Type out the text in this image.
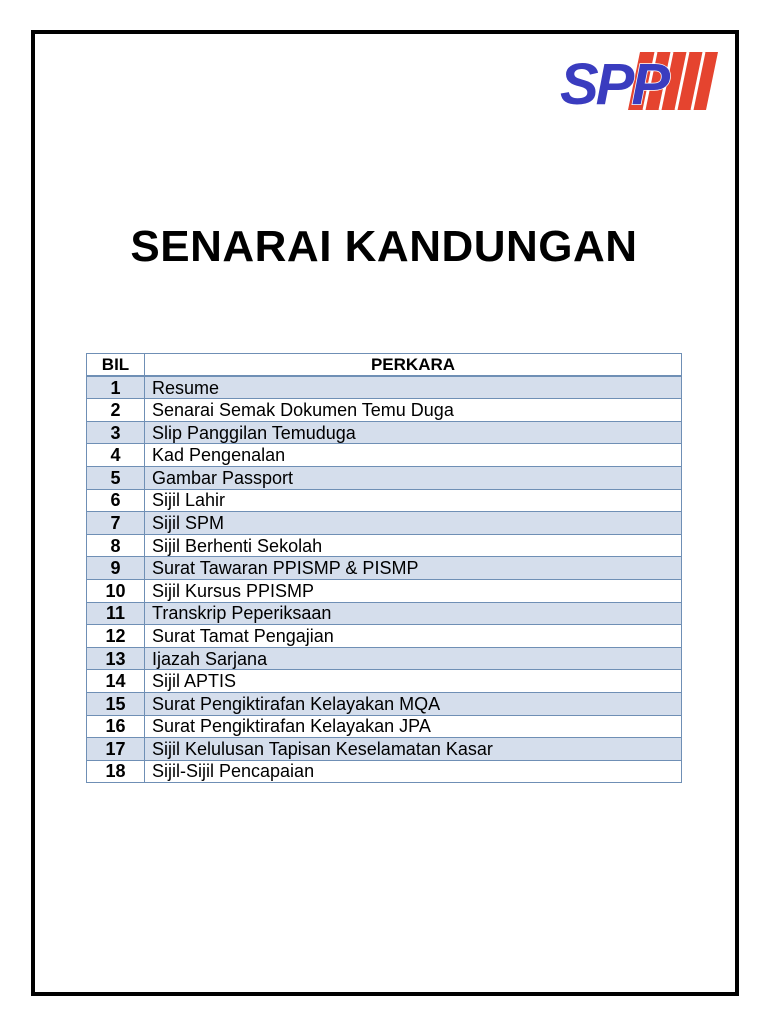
SPP
SENARAI KANDUNGAN
BIL	PERKARA
1	Resume
2	Senarai Semak Dokumen Temu Duga
3	Slip Panggilan Temuduga
4	Kad Pengenalan
5	Gambar Passport
6	Sijil Lahir
7	Sijil SPM
8	Sijil Berhenti Sekolah
9	Surat Tawaran PPISMP & PISMP
10	Sijil Kursus PPISMP
11	Transkrip Peperiksaan
12	Surat Tamat Pengajian
13	Ijazah Sarjana
14	Sijil APTIS
15	Surat Pengiktirafan Kelayakan MQA
16	Surat Pengiktirafan Kelayakan JPA
17	Sijil Kelulusan Tapisan Keselamatan Kasar
18	Sijil-Sijil Pencapaian
